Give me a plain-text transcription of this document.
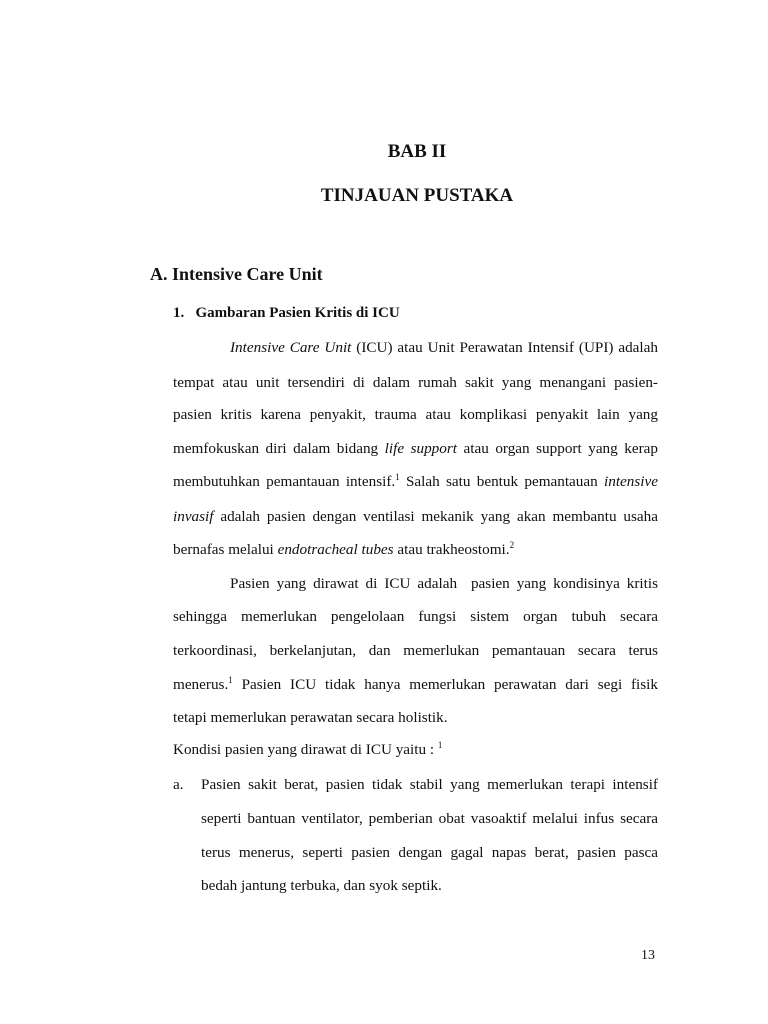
BAB II

TINJAUAN PUSTAKA

A. Intensive Care Unit

1.   Gambaran Pasien Kritis di ICU

Intensive Care Unit (ICU) atau Unit Perawatan Intensif (UPI) adalah
tempat atau unit tersendiri di dalam rumah sakit yang menangani pasien-
pasien kritis karena penyakit, trauma atau komplikasi penyakit lain yang
memfokuskan diri dalam bidang life support atau organ support yang kerap
membutuhkan pemantauan intensif.$^1$ Salah satu bentuk pemantauan intensive
invasif adalah pasien dengan ventilasi mekanik yang akan membantu usaha
bernafas melalui endotracheal tubes atau trakheostomi.$^2$
Pasien yang dirawat di ICU adalah  pasien yang kondisinya kritis
sehingga memerlukan pengelolaan fungsi sistem organ tubuh secara
terkoordinasi, berkelanjutan, dan memerlukan pemantauan secara terus
menerus.$^1$ Pasien ICU tidak hanya memerlukan perawatan dari segi fisik
tetapi memerlukan perawatan secara holistik.
Kondisi pasien yang dirawat di ICU yaitu : $^1$
a. Pasien sakit berat, pasien tidak stabil yang memerlukan terapi intensif
seperti bantuan ventilator, pemberian obat vasoaktif melalui infus secara
terus menerus, seperti pasien dengan gagal napas berat, pasien pasca
bedah jantung terbuka, dan syok septik.

13
